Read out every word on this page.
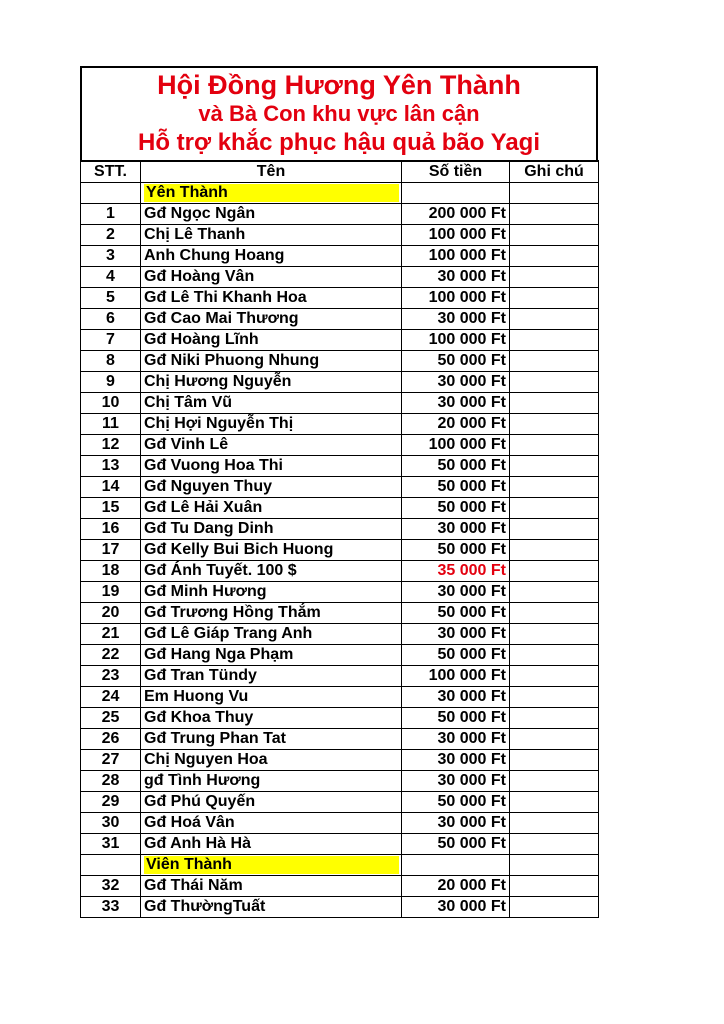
Hội Đồng Hương Yên Thành
và Bà Con khu vực lân cận
Hỗ trợ khắc phục hậu quả bão Yagi
STT.	Tên	Số tiền	Ghi chú

	Yên Thành		

1	Gđ Ngọc Ngân	200 000 Ft	
2	Chị Lê Thanh	100 000 Ft	
3	Anh Chung Hoang	100 000 Ft	
4	Gđ Hoàng Vân	30 000 Ft	
5	Gđ Lê Thi Khanh Hoa	100 000 Ft	
6	Gđ Cao Mai Thương	30 000 Ft	
7	Gđ Hoàng Lĩnh	100 000 Ft	
8	Gđ Niki Phuong Nhung	50 000 Ft	
9	Chị Hương Nguyễn	30 000 Ft	
10	Chị Tâm Vũ	30 000 Ft	
11	Chị Hợi Nguyễn Thị	20 000 Ft	
12	Gđ Vinh Lê	100 000 Ft	
13	Gđ Vuong Hoa Thi	50 000 Ft	
14	Gđ Nguyen Thuy	50 000 Ft	
15	Gđ Lê Hải Xuân	50 000 Ft	
16	Gđ Tu Dang Dinh	30 000 Ft	
17	Gđ Kelly Bui Bich Huong	50 000 Ft	
18	Gđ Ánh Tuyết. 100 $	35 000 Ft	
19	Gđ Minh Hương	30 000 Ft	
20	Gđ Trương Hồng Thắm	50 000 Ft	
21	Gđ Lê Giáp Trang Anh	30 000 Ft	
22	Gđ Hang Nga Phạm	50 000 Ft	
23	Gđ Tran Tündy	100 000 Ft	
24	Em Huong Vu	30 000 Ft	
25	Gđ Khoa Thuy	50 000 Ft	
26	Gđ Trung Phan Tat	30 000 Ft	
27	Chị Nguyen Hoa	30 000 Ft	
28	gđ Tình Hương	30 000 Ft	
29	Gđ Phú Quyến	50 000 Ft	
30	Gđ Hoá Vân	30 000 Ft	
31	Gđ Anh Hà Hà	50 000 Ft	

	Viên Thành		

32	Gđ Thái Năm	20 000 Ft	
33	Gđ ThườngTuất	30 000 Ft	
